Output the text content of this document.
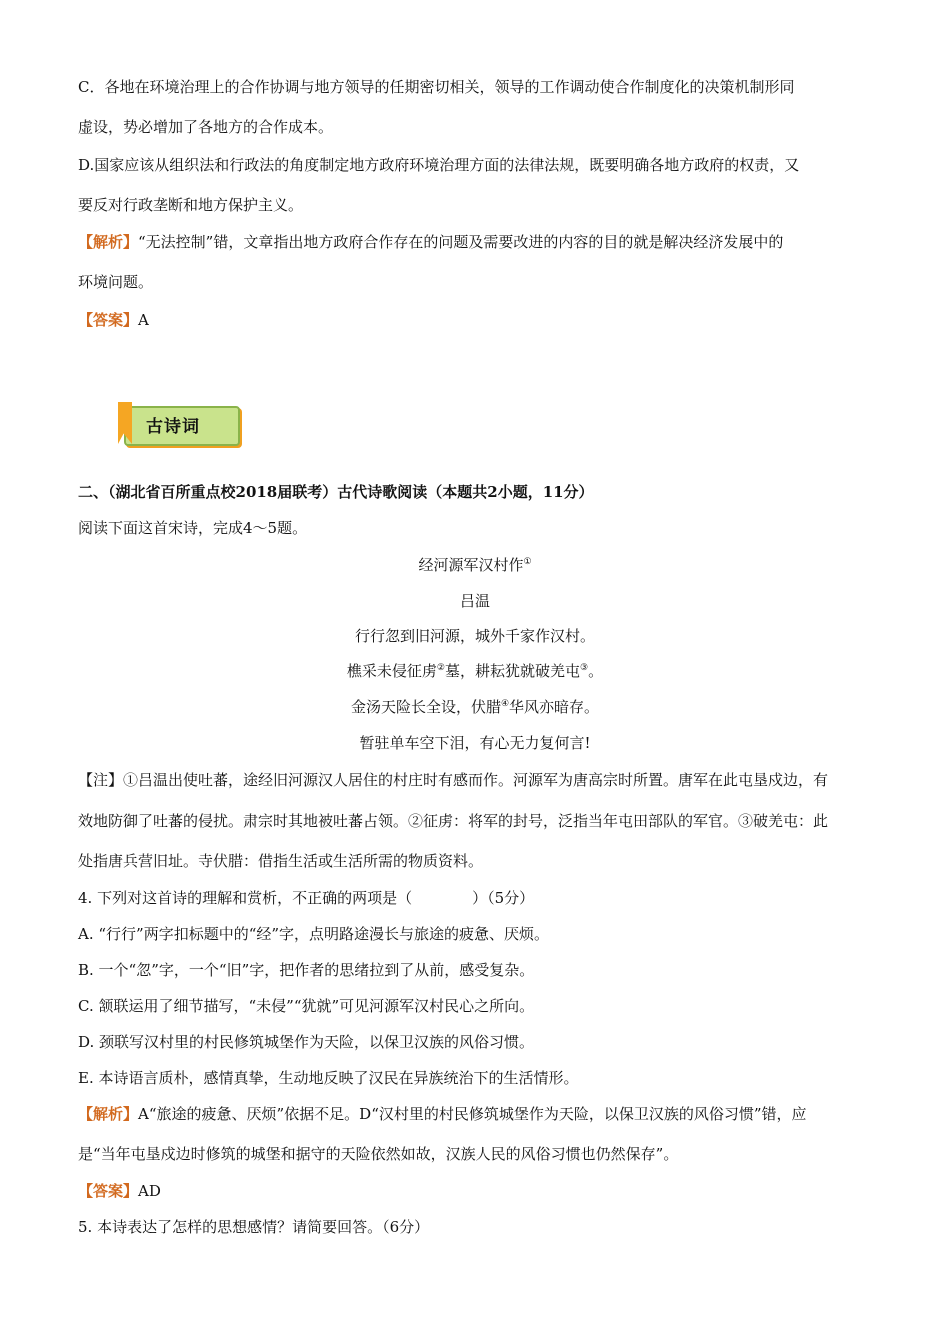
C．各地在环境治理上的合作协调与地方领导的任期密切相关，领导的工作调动使合作制度化的决策机制形同
虚设，势必增加了各地方的合作成本。
D.国家应该从组织法和行政法的角度制定地方政府环境治理方面的法律法规，既要明确各地方政府的权责，又
要反对行政垄断和地方保护主义。
【解析】“无法控制”错，文章指出地方政府合作存在的问题及需要改进的内容的目的就是解决经济发展中的
环境问题。
【答案】A
古诗词
二、（湖北省百所重点校2018届联考）古代诗歌阅读（本题共2小题，11分）
阅读下面这首宋诗，完成4～5题。
经河源军汉村作①
吕温
行行忽到旧河源，城外千家作汉村。
樵采未侵征虏②墓，耕耘犹就破羌屯③。
金汤天险长全设，伏腊④华风亦暗存。
暂驻单车空下泪，有心无力复何言!
【注】①吕温出使吐蕃，途经旧河源汉人居住的村庄时有感而作。河源军为唐高宗时所置。唐军在此屯垦戍边，有
效地防御了吐蕃的侵扰。肃宗时其地被吐蕃占领。②征虏：将军的封号，泛指当年屯田部队的军官。③破羌屯：此
处指唐兵营旧址。寺伏腊：借指生活或生活所需的物质资料。
4. 下列对这首诗的理解和赏析，不正确的两项是（　　　　）（5分）
A. “行行”两字扣标题中的“经”字，点明路途漫长与旅途的疲惫、厌烦。
B. 一个“忽”字，一个“旧”字，把作者的思绪拉到了从前，感受复杂。
C. 颔联运用了细节描写，“未侵”“犹就”可见河源军汉村民心之所向。
D. 颈联写汉村里的村民修筑城堡作为天险，以保卫汉族的风俗习惯。
E. 本诗语言质朴，感情真挚，生动地反映了汉民在异族统治下的生活情形。
【解析】A“旅途的疲惫、厌烦”依据不足。D“汉村里的村民修筑城堡作为天险，以保卫汉族的风俗习惯”错，应
是“当年屯垦戍边时修筑的城堡和据守的天险依然如故，汉族人民的风俗习惯也仍然保存”。
【答案】AD
5. 本诗表达了怎样的思想感情？请简要回答。（6分）
